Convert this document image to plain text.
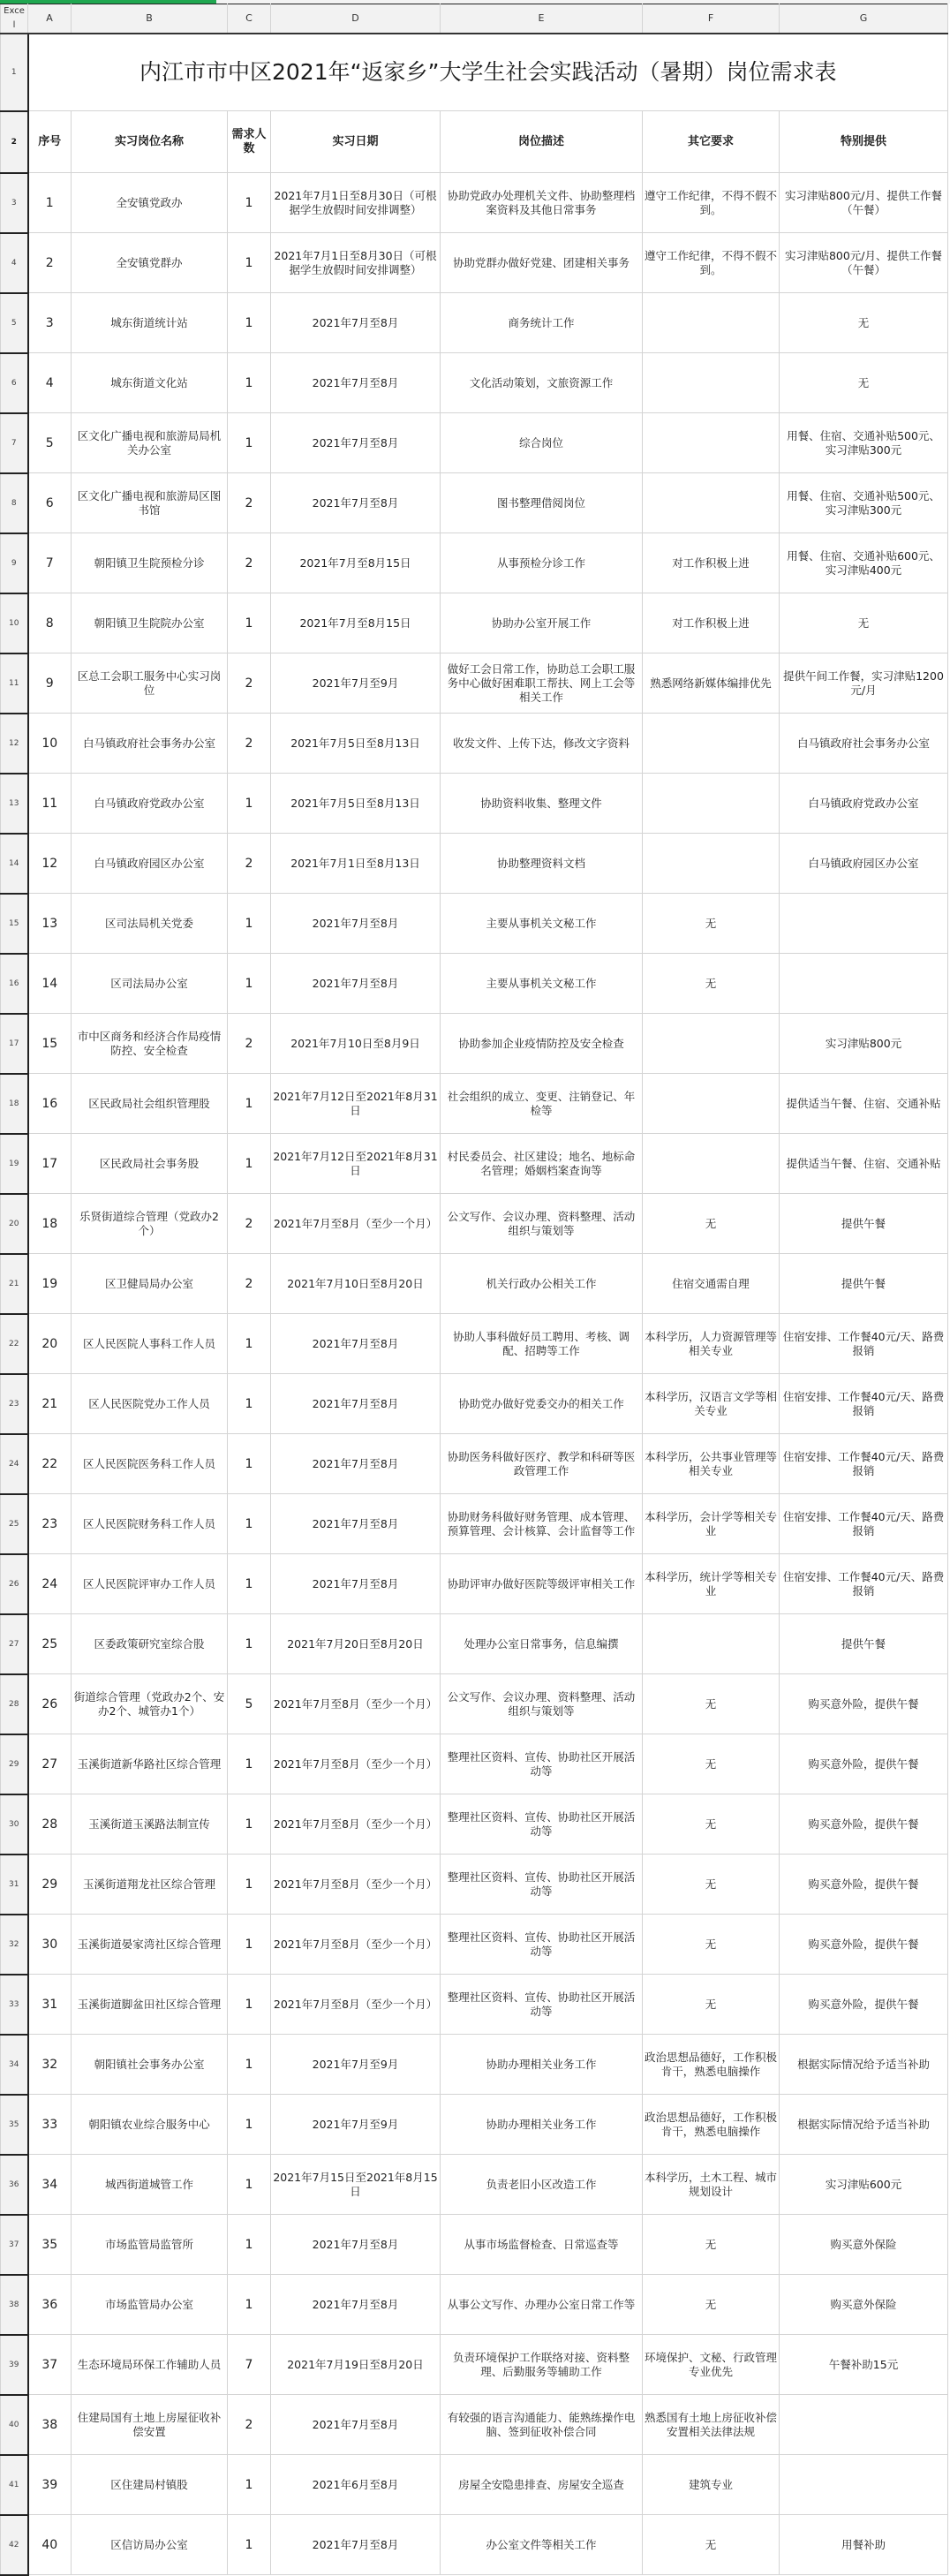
Excel	A	B	C	D	E	F	G
1	内江市市中区2021年“返家乡”大学生社会实践活动（暑期）岗位需求表						
2	序号	实习岗位名称	需求人数	实习日期	岗位描述	其它要求	特别提供
3	1	全安镇党政办	1	2021年7月1日至8月30日（可根据学生放假时间安排调整）	协助党政办处理机关文件、协助整理档案资料及其他日常事务	遵守工作纪律，不得不假不到。	实习津贴800元/月、提供工作餐（午餐）
4	2	全安镇党群办	1	2021年7月1日至8月30日（可根据学生放假时间安排调整）	协助党群办做好党建、团建相关事务	遵守工作纪律，不得不假不到。	实习津贴800元/月、提供工作餐（午餐）
5	3	城东街道统计站	1	2021年7月至8月	商务统计工作		无
6	4	城东街道文化站	1	2021年7月至8月	文化活动策划，文旅资源工作		无
7	5	区文化广播电视和旅游局局机关办公室	1	2021年7月至8月	综合岗位		用餐、住宿、交通补贴500元、实习津贴300元
8	6	区文化广播电视和旅游局区图书馆	2	2021年7月至8月	图书整理借阅岗位		用餐、住宿、交通补贴500元、实习津贴300元
9	7	朝阳镇卫生院预检分诊	2	2021年7月至8月15日	从事预检分诊工作	对工作积极上进	用餐、住宿、交通补贴600元、实习津贴400元
10	8	朝阳镇卫生院院办公室	1	2021年7月至8月15日	协助办公室开展工作	对工作积极上进	无
11	9	区总工会职工服务中心实习岗位	2	2021年7月至9月	做好工会日常工作，协助总工会职工服务中心做好困难职工帮扶、网上工会等相关工作	熟悉网络新媒体编排优先	提供午间工作餐，实习津贴1200元/月
12	10	白马镇政府社会事务办公室	2	2021年7月5日至8月13日	收发文件、上传下达，修改文字资料		白马镇政府社会事务办公室
13	11	白马镇政府党政办公室	1	2021年7月5日至8月13日	协助资料收集、整理文件		白马镇政府党政办公室
14	12	白马镇政府园区办公室	2	2021年7月1日至8月13日	协助整理资料文档		白马镇政府园区办公室
15	13	区司法局机关党委	1	2021年7月至8月	主要从事机关文秘工作	无	
16	14	区司法局办公室	1	2021年7月至8月	主要从事机关文秘工作	无	
17	15	市中区商务和经济合作局疫情防控、安全检查	2	2021年7月10日至8月9日	协助参加企业疫情防控及安全检查		实习津贴800元
18	16	区民政局社会组织管理股	1	2021年7月12日至2021年8月31日	社会组织的成立、变更、注销登记、年检等		提供适当午餐、住宿、交通补贴
19	17	区民政局社会事务股	1	2021年7月12日至2021年8月31日	村民委员会、社区建设；地名、地标命名管理；婚姻档案查询等		提供适当午餐、住宿、交通补贴
20	18	乐贤街道综合管理（党政办2个）	2	2021年7月至8月（至少一个月）	公文写作、会议办理、资料整理、活动组织与策划等	无	提供午餐
21	19	区卫健局局办公室	2	2021年7月10日至8月20日	机关行政办公相关工作	住宿交通需自理	提供午餐
22	20	区人民医院人事科工作人员	1	2021年7月至8月	协助人事科做好员工聘用、考核、调配、招聘等工作	本科学历，人力资源管理等相关专业	住宿安排、工作餐40元/天、路费报销
23	21	区人民医院党办工作人员	1	2021年7月至8月	协助党办做好党委交办的相关工作	本科学历，汉语言文学等相关专业	住宿安排、工作餐40元/天、路费报销
24	22	区人民医院医务科工作人员	1	2021年7月至8月	协助医务科做好医疗、教学和科研等医政管理工作	本科学历，公共事业管理等相关专业	住宿安排、工作餐40元/天、路费报销
25	23	区人民医院财务科工作人员	1	2021年7月至8月	协助财务科做好财务管理、成本管理、预算管理、会计核算、会计监督等工作	本科学历，会计学等相关专业	住宿安排、工作餐40元/天、路费报销
26	24	区人民医院评审办工作人员	1	2021年7月至8月	协助评审办做好医院等级评审相关工作	本科学历，统计学等相关专业	住宿安排、工作餐40元/天、路费报销
27	25	区委政策研究室综合股	1	2021年7月20日至8月20日	处理办公室日常事务，信息编撰		提供午餐
28	26	街道综合管理（党政办2个、安办2个、城管办1个）	5	2021年7月至8月（至少一个月）	公文写作、会议办理、资料整理、活动组织与策划等	无	购买意外险，提供午餐
29	27	玉溪街道新华路社区综合管理	1	2021年7月至8月（至少一个月）	整理社区资料、宣传、协助社区开展活动等	无	购买意外险，提供午餐
30	28	玉溪街道玉溪路法制宣传	1	2021年7月至8月（至少一个月）	整理社区资料、宣传、协助社区开展活动等	无	购买意外险，提供午餐
31	29	玉溪街道翔龙社区综合管理	1	2021年7月至8月（至少一个月）	整理社区资料、宣传、协助社区开展活动等	无	购买意外险，提供午餐
32	30	玉溪街道晏家湾社区综合管理	1	2021年7月至8月（至少一个月）	整理社区资料、宣传、协助社区开展活动等	无	购买意外险，提供午餐
33	31	玉溪街道脚盆田社区综合管理	1	2021年7月至8月（至少一个月）	整理社区资料、宣传、协助社区开展活动等	无	购买意外险，提供午餐
34	32	朝阳镇社会事务办公室	1	2021年7月至9月	协助办理相关业务工作	政治思想品德好，工作积极肯干，熟悉电脑操作	根据实际情况给予适当补助
35	33	朝阳镇农业综合服务中心	1	2021年7月至9月	协助办理相关业务工作	政治思想品德好，工作积极肯干，熟悉电脑操作	根据实际情况给予适当补助
36	34	城西街道城管工作	1	2021年7月15日至2021年8月15日	负责老旧小区改造工作	本科学历，土木工程、城市规划设计	实习津贴600元
37	35	市场监管局监管所	1	2021年7月至8月	从事市场监督检查、日常巡查等	无	购买意外保险
38	36	市场监管局办公室	1	2021年7月至8月	从事公文写作、办理办公室日常工作等	无	购买意外保险
39	37	生态环境局环保工作辅助人员	7	2021年7月19日至8月20日	负责环境保护工作联络对接、资料整理、后勤服务等辅助工作	环境保护、文秘、行政管理专业优先	午餐补助15元
40	38	住建局国有土地上房屋征收补偿安置	2	2021年7月至8月	有较强的语言沟通能力、能熟练操作电脑、签到征收补偿合同	熟悉国有土地上房征收补偿安置相关法律法规	
41	39	区住建局村镇股	1	2021年6月至8月	房屋全安隐患排查、房屋安全巡查	建筑专业	
42	40	区信访局办公室	1	2021年7月至8月	办公室文件等相关工作	无	用餐补助
